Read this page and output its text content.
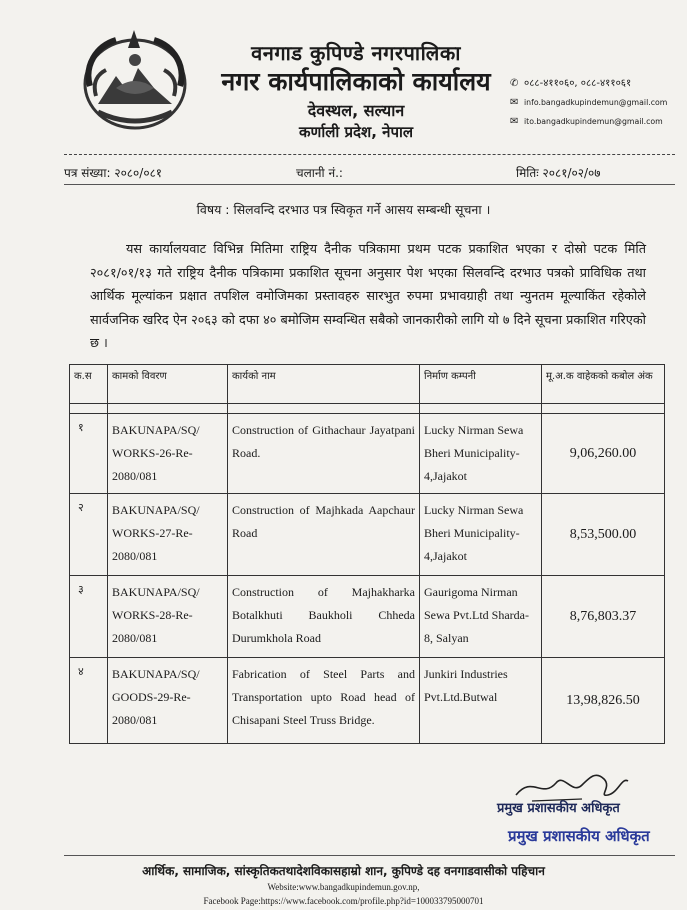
वनगाड कुपिण्डे नगरपालिका
नगर कार्यपालिकाको कार्यालय
देवस्थल, सल्यान
कर्णाली प्रदेश, नेपाल
✆ ०८८-४११०६०, ०८८-४११०६१
✉ info.bangadkupindemun@gmail.com
✉ ito.bangadkupindemun@gmail.com
पत्र संख्या: २०८०/०८१	चलानी नं.:	मितिः २०८१/०२/०७
विषय : सिलवन्दि दरभाउ पत्र स्विकृत गर्ने आसय सम्बन्धी सूचना ।
यस कार्यालयवाट विभिन्न मितिमा राष्ट्रिय दैनीक पत्रिकामा प्रथम पटक प्रकाशित भएका र दोस्रो पटक मिति २०८१/०१/१३ गते राष्ट्रिय दैनीक पत्रिकामा प्रकाशित सूचना अनुसार पेश भएका सिलवन्दि दरभाउ पत्रको प्राविधिक तथा आर्थिक मूल्यांकन प्रक्षात तपशिल वमोजिमका प्रस्तावहरु सारभुत रुपमा प्रभावग्राही तथा न्युनतम मूल्याकिंत रहेकोले सार्वजनिक खरिद ऐन २०६३ को दफा ४० बमोजिम सम्वन्धित सबैको जानकारीको लागि यो ७ दिने सूचना प्रकाशित गरिएको छ ।
क.स	कामको विवरण	कार्यको नाम	निर्माण कम्पनी	मू.अ.क वाहेकको कबोल अंक

१	BAKUNAPA/SQ/ WORKS-26-Re-2080/081	Construction of Githachaur Jayatpani Road.	Lucky Nirman Sewa Bheri Municipality-4,Jajakot	9,06,260.00
२	BAKUNAPA/SQ/ WORKS-27-Re-2080/081	Construction of Majhkada Aapchaur Road	Lucky Nirman Sewa Bheri Municipality-4,Jajakot	8,53,500.00
३	BAKUNAPA/SQ/ WORKS-28-Re-2080/081	Construction of Majhakharka Botalkhuti Baukholi Chheda Durumkhola Road	Gaurigoma Nirman Sewa Pvt.Ltd Sharda-8, Salyan	8,76,803.37
४	BAKUNAPA/SQ/ GOODS-29-Re-2080/081	Fabrication of Steel Parts and Transportation upto Road head of Chisapani Steel Truss Bridge.	Junkiri Industries Pvt.Ltd.Butwal	13,98,826.50
प्रमुख प्रशासकीय अधिकृत
प्रमुख प्रशासकीय अधिकृत
आर्थिक, सामाजिक, सांस्कृतिकतथादेशविकासहाम्रो शान, कुपिण्डे दह वनगाडवासीको पहिचान
Website:www.bangadkupindemun.gov.np,
Facebook Page:https://www.facebook.com/profile.php?id=100033795000701
